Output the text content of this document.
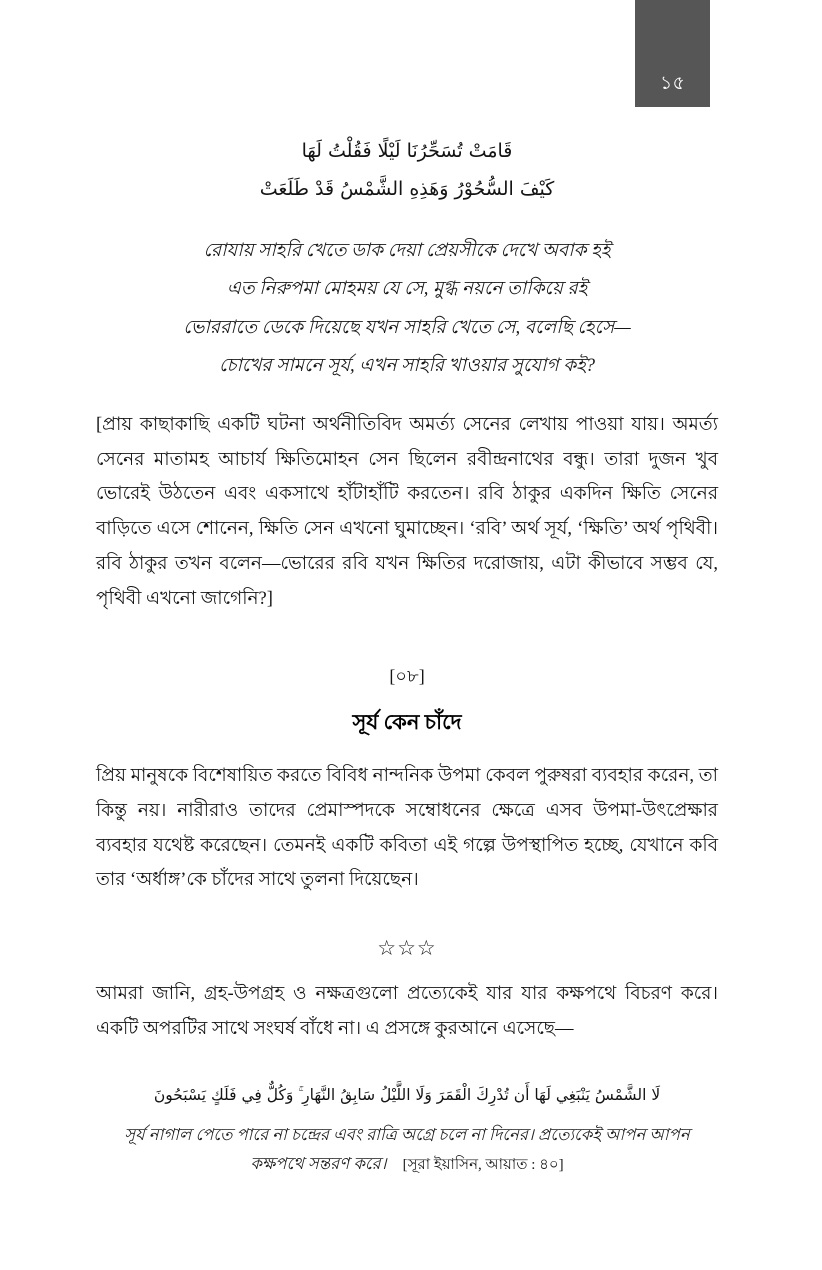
১৫
قَامَتْ تُسَحِّرُنَا لَيْلًا فَقُلْتُ لَهَا
كَيْفَ السُّحُوْرُ وَهَذِهِ الشَّمْسُ قَدْ طَلَعَتْ
রোযায় সাহরি খেতে ডাক দেয়া প্রেয়সীকে দেখে অবাক হই
এত নিরুপমা মোহময় যে সে, মুগ্ধ নয়নে তাকিয়ে রই
ভোররাতে ডেকে দিয়েছে যখন সাহরি খেতে সে, বলেছি হেসে—
চোখের সামনে সূর্য, এখন সাহরি খাওয়ার সুযোগ কই?

[প্রায় কাছাকাছি একটি ঘটনা অর্থনীতিবিদ অমর্ত্য সেনের লেখায় পাওয়া যায়। অমর্ত্য সেনের মাতামহ আচার্য ক্ষিতিমোহন সেন ছিলেন রবীন্দ্রনাথের বন্ধু। তারা দুজন খুব ভোরেই উঠতেন এবং একসাথে হাঁটাহাঁটি করতেন। রবি ঠাকুর একদিন ক্ষিতি সেনের বাড়িতে এসে শোনেন, ক্ষিতি সেন এখনো ঘুমাচ্ছেন। ‘রবি’ অর্থ সূর্য, ‘ক্ষিতি’ অর্থ পৃথিবী। রবি ঠাকুর তখন বলেন—ভোরের রবি যখন ক্ষিতির দরোজায়, এটা কীভাবে সম্ভব যে, পৃথিবী এখনো জাগেনি?]

[০৮]
সূর্য কেন চাঁদে

প্রিয় মানুষকে বিশেষায়িত করতে বিবিধ নান্দনিক উপমা কেবল পুরুষরা ব্যবহার করেন, তা কিন্তু নয়। নারীরাও তাদের প্রেমাস্পদকে সম্বোধনের ক্ষেত্রে এসব উপমা-উৎপ্রেক্ষার ব্যবহার যথেষ্ট করেছেন। তেমনই একটি কবিতা এই গল্পে উপস্থাপিত হচ্ছে, যেখানে কবি তার ‘অর্ধাঙ্গ’কে চাঁদের সাথে তুলনা দিয়েছেন।

☆☆☆

আমরা জানি, গ্রহ-উপগ্রহ ও নক্ষত্রগুলো প্রত্যেকেই যার যার কক্ষপথে বিচরণ করে। একটি অপরটির সাথে সংঘর্ষ বাঁধে না। এ প্রসঙ্গে কুরআনে এসেছে—

لَا الشَّمْسُ يَنْبَغِي لَهَا أَن تُدْرِكَ الْقَمَرَ وَلَا اللَّيْلُ سَابِقُ النَّهَارِ ۚ وَكُلٌّ فِي فَلَكٍ يَسْبَحُونَ
সূর্য নাগাল পেতে পারে না চন্দ্রের এবং রাত্রি অগ্রে চলে না দিনের। প্রত্যেকেই আপন আপন কক্ষপথে সন্তরণ করে। [সূরা ইয়াসিন, আয়াত : ৪০]
